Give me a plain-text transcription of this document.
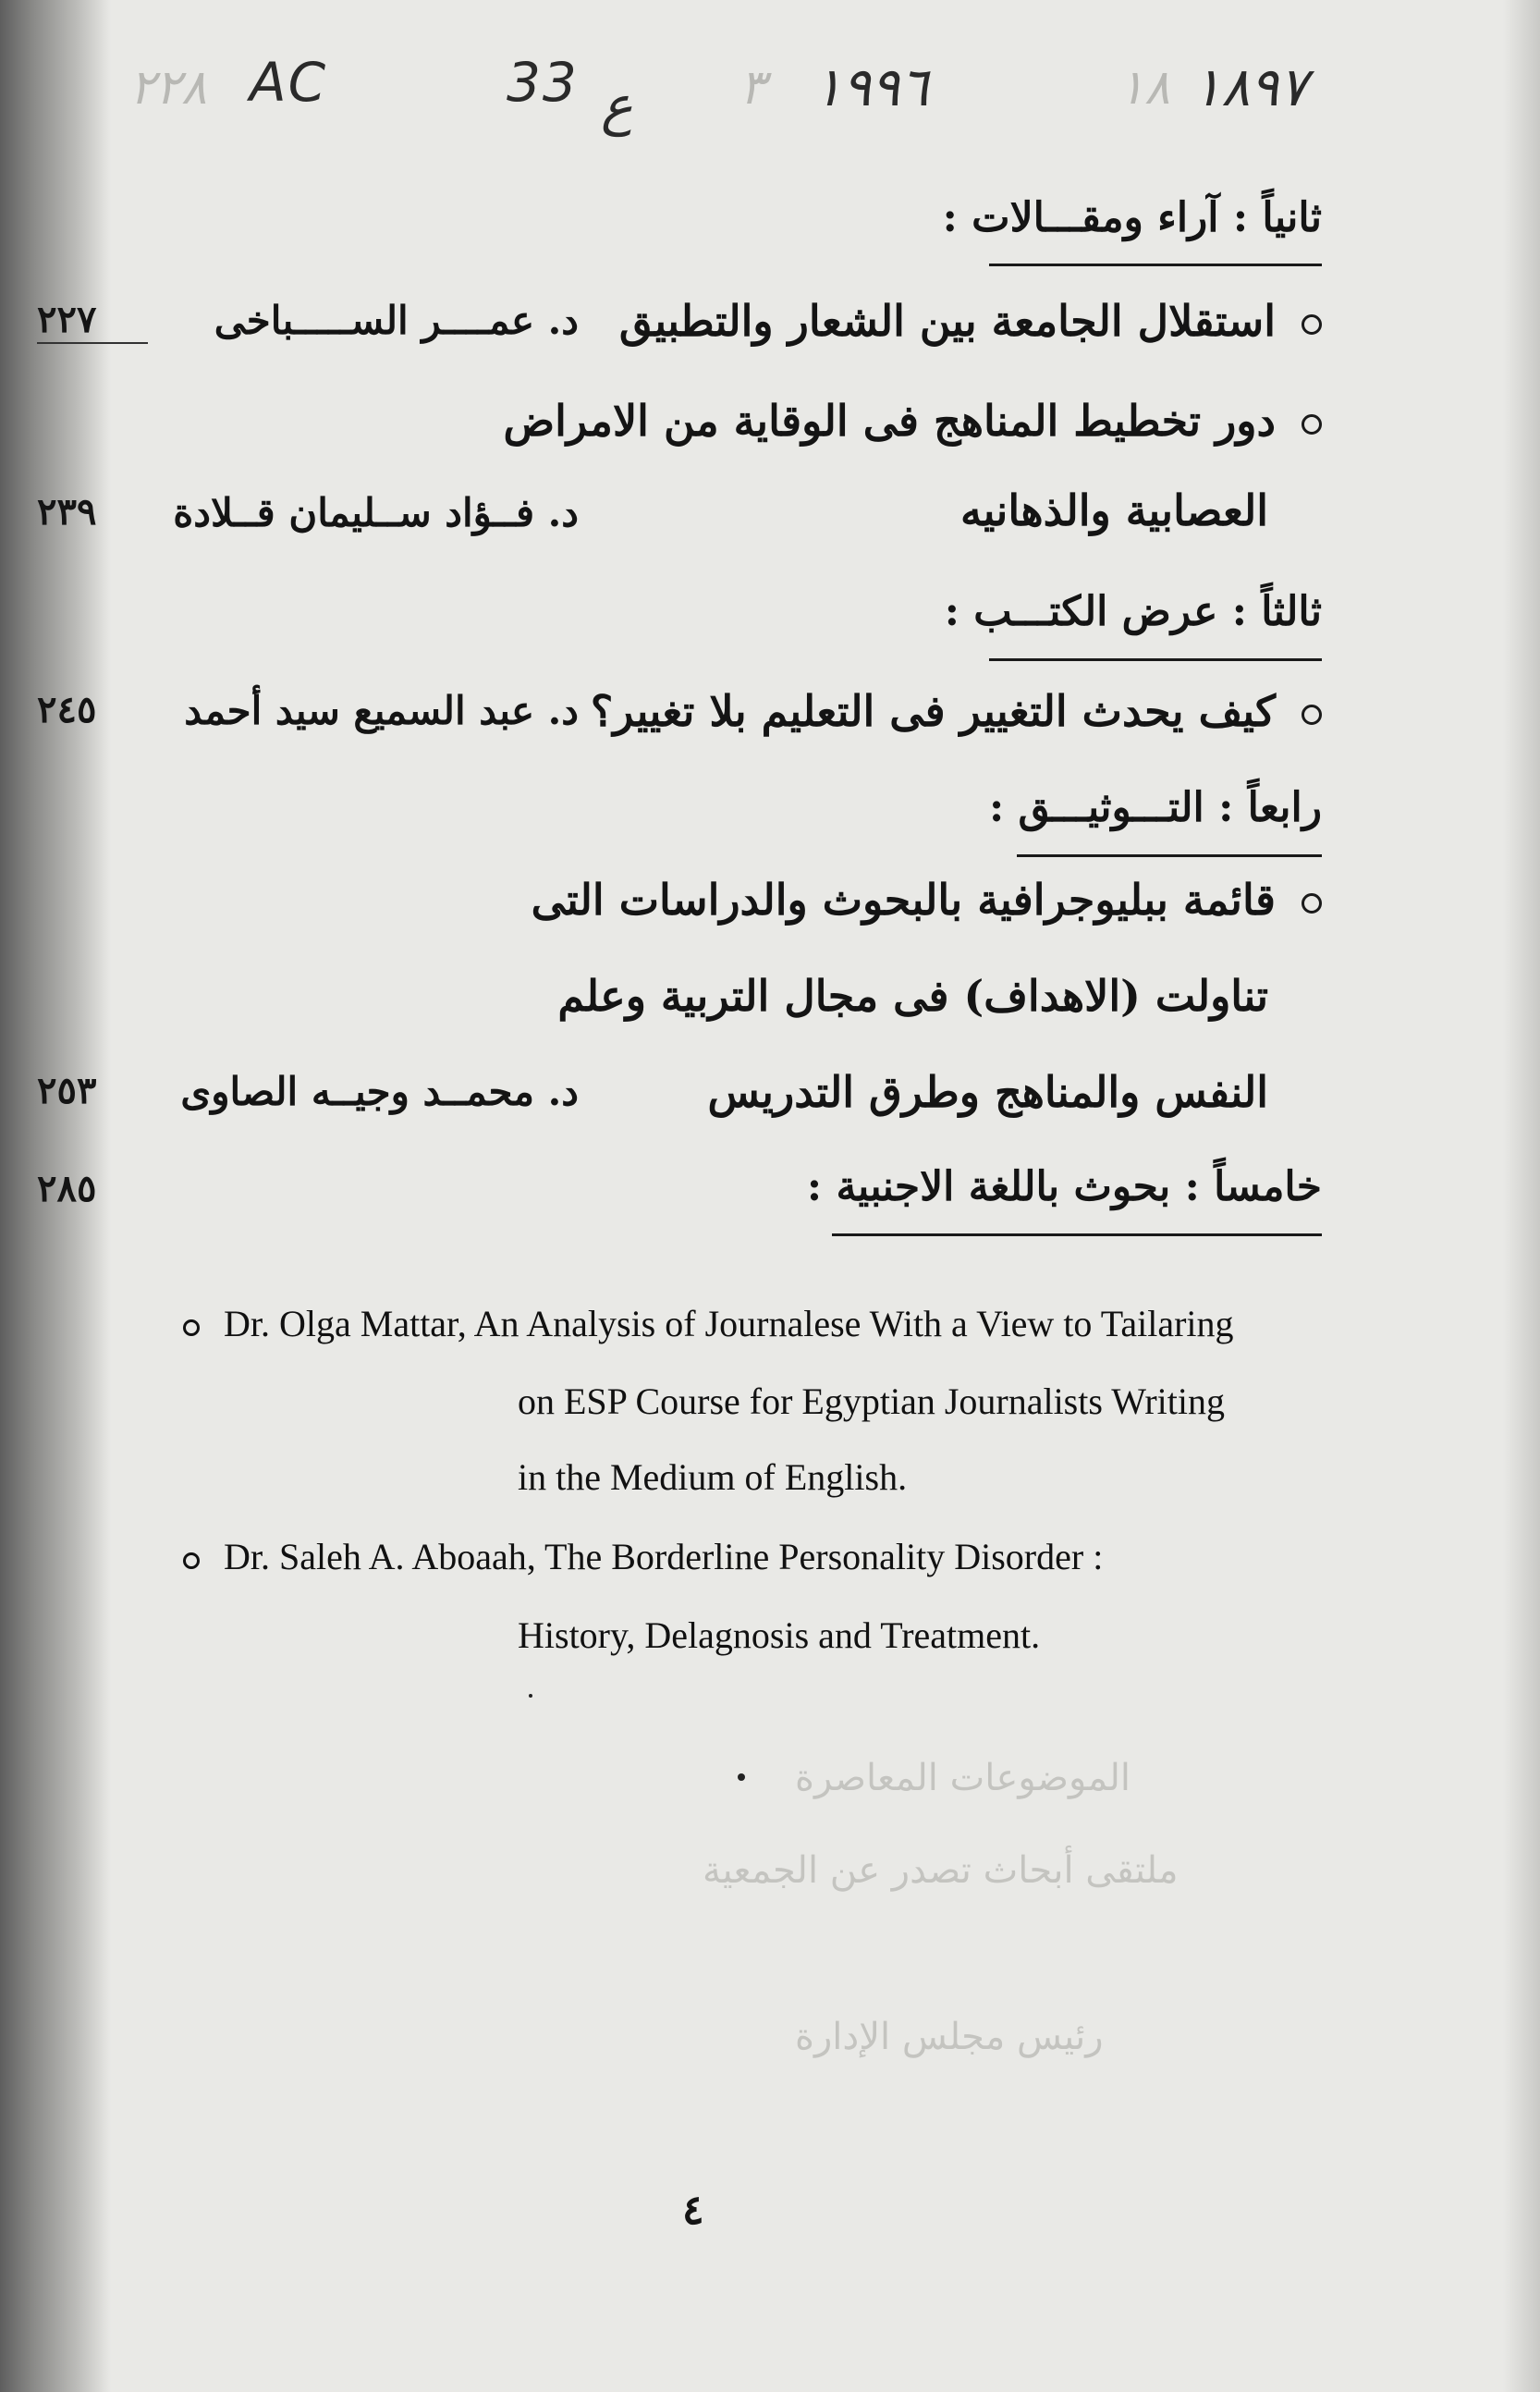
الموضوعات المعاصرة
ملتقى أبحاث تصدر عن الجمعية
رئيس مجلس الإدارة
٢٢٨ AC	33 ع ٣ ١٩٩٦	١٨ ١٨٩٧
ثانياً : آراء ومقـــالات :
استقلال الجامعة بين الشعار والتطبيق
د. عمــــر الســـــباخى
٢٢٧
دور تخطيط المناهج فى الوقاية من الامراض
العصابية والذهانيه
د. فــؤاد ســليمان قــلادة
٢٣٩
ثالثاً : عرض الكتـــب :
كيف يحدث التغيير فى التعليم بلا تغيير؟
د. عبد السميع سيد أحمد
٢٤٥
رابعاً : التـــوثيـــق :
قائمة ببليوجرافية بالبحوث والدراسات التى
تناولت (الاهداف) فى مجال التربية وعلم
النفس والمناهج وطرق التدريس
د. محمــد وجيــه الصاوى
٢٥٣
خامساً : بحوث باللغة الاجنبية :
٢٨٥
Dr. Olga Mattar, An Analysis of Journalese With a View to Tailaring
on ESP Course for Egyptian Journalists Writing
in the Medium of English.
Dr. Saleh A. Aboaah, The Borderline Personality Disorder :
History, Delagnosis and Treatment.
٤
